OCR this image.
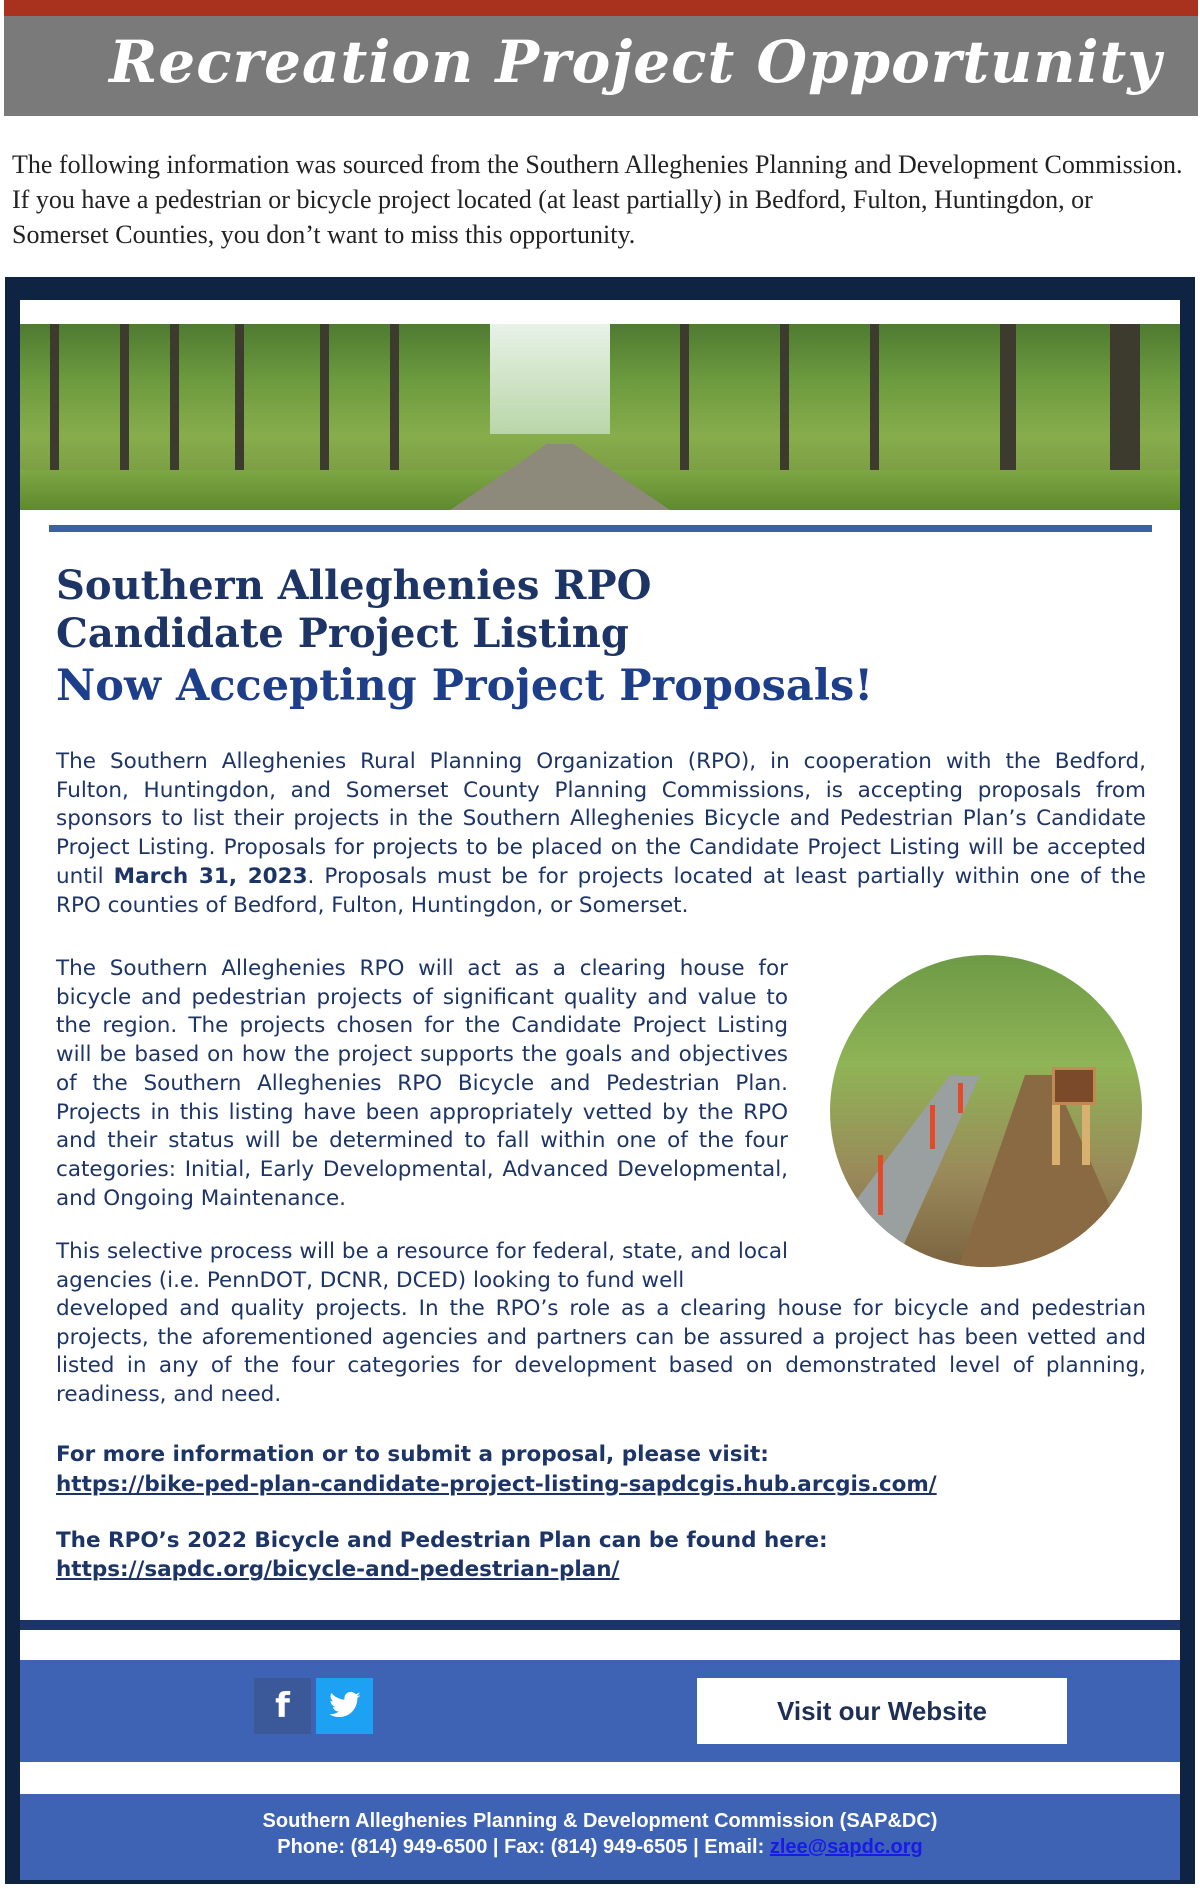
Recreation Project Opportunity
The following information was sourced from the Southern Alleghenies Planning and Development Commission. If you have a pedestrian or bicycle project located (at least partially) in Bedford, Fulton, Huntingdon, or Somerset Counties, you don’t want to miss this opportunity.
Southern Alleghenies RPO
Candidate Project Listing
Now Accepting Project Proposals!
The Southern Alleghenies Rural Planning Organization (RPO), in cooperation with the Bedford, Fulton, Huntingdon, and Somerset County Planning Commissions, is accepting proposals from sponsors to list their projects in the Southern Alleghenies Bicycle and Pedestrian Plan’s Candidate Project Listing. Proposals for projects to be placed on the Candidate Project Listing will be accepted until March 31, 2023. Proposals must be for projects located at least partially within one of the RPO counties of Bedford, Fulton, Huntingdon, or Somerset.
The Southern Alleghenies RPO will act as a clearing house for bicycle and pedestrian projects of significant quality and value to the region. The projects chosen for the Candidate Project Listing will be based on how the project supports the goals and objectives of the Southern Alleghenies RPO Bicycle and Pedestrian Plan. Projects in this listing have been appropriately vetted by the RPO and their status will be determined to fall within one of the four categories: Initial, Early Developmental, Advanced Developmental, and Ongoing Maintenance.
This selective process will be a resource for federal, state, and local agencies (i.e. PennDOT, DCNR, DCED) looking to fund well
developed and quality projects. In the RPO’s role as a clearing house for bicycle and pedestrian projects, the aforementioned agencies and partners can be assured a project has been vetted and listed in any of the four categories for development based on demonstrated level of planning, readiness, and need.
For more information or to submit a proposal, please visit:
https://bike-ped-plan-candidate-project-listing-sapdcgis.hub.arcgis.com/
The RPO’s 2022 Bicycle and Pedestrian Plan can be found here:
https://sapdc.org/bicycle-and-pedestrian-plan/
f	Visit our Website
Southern Alleghenies Planning & Development Commission (SAP&DC)
Phone: (814) 949-6500 | Fax: (814) 949-6505 | Email: zlee@sapdc.org
